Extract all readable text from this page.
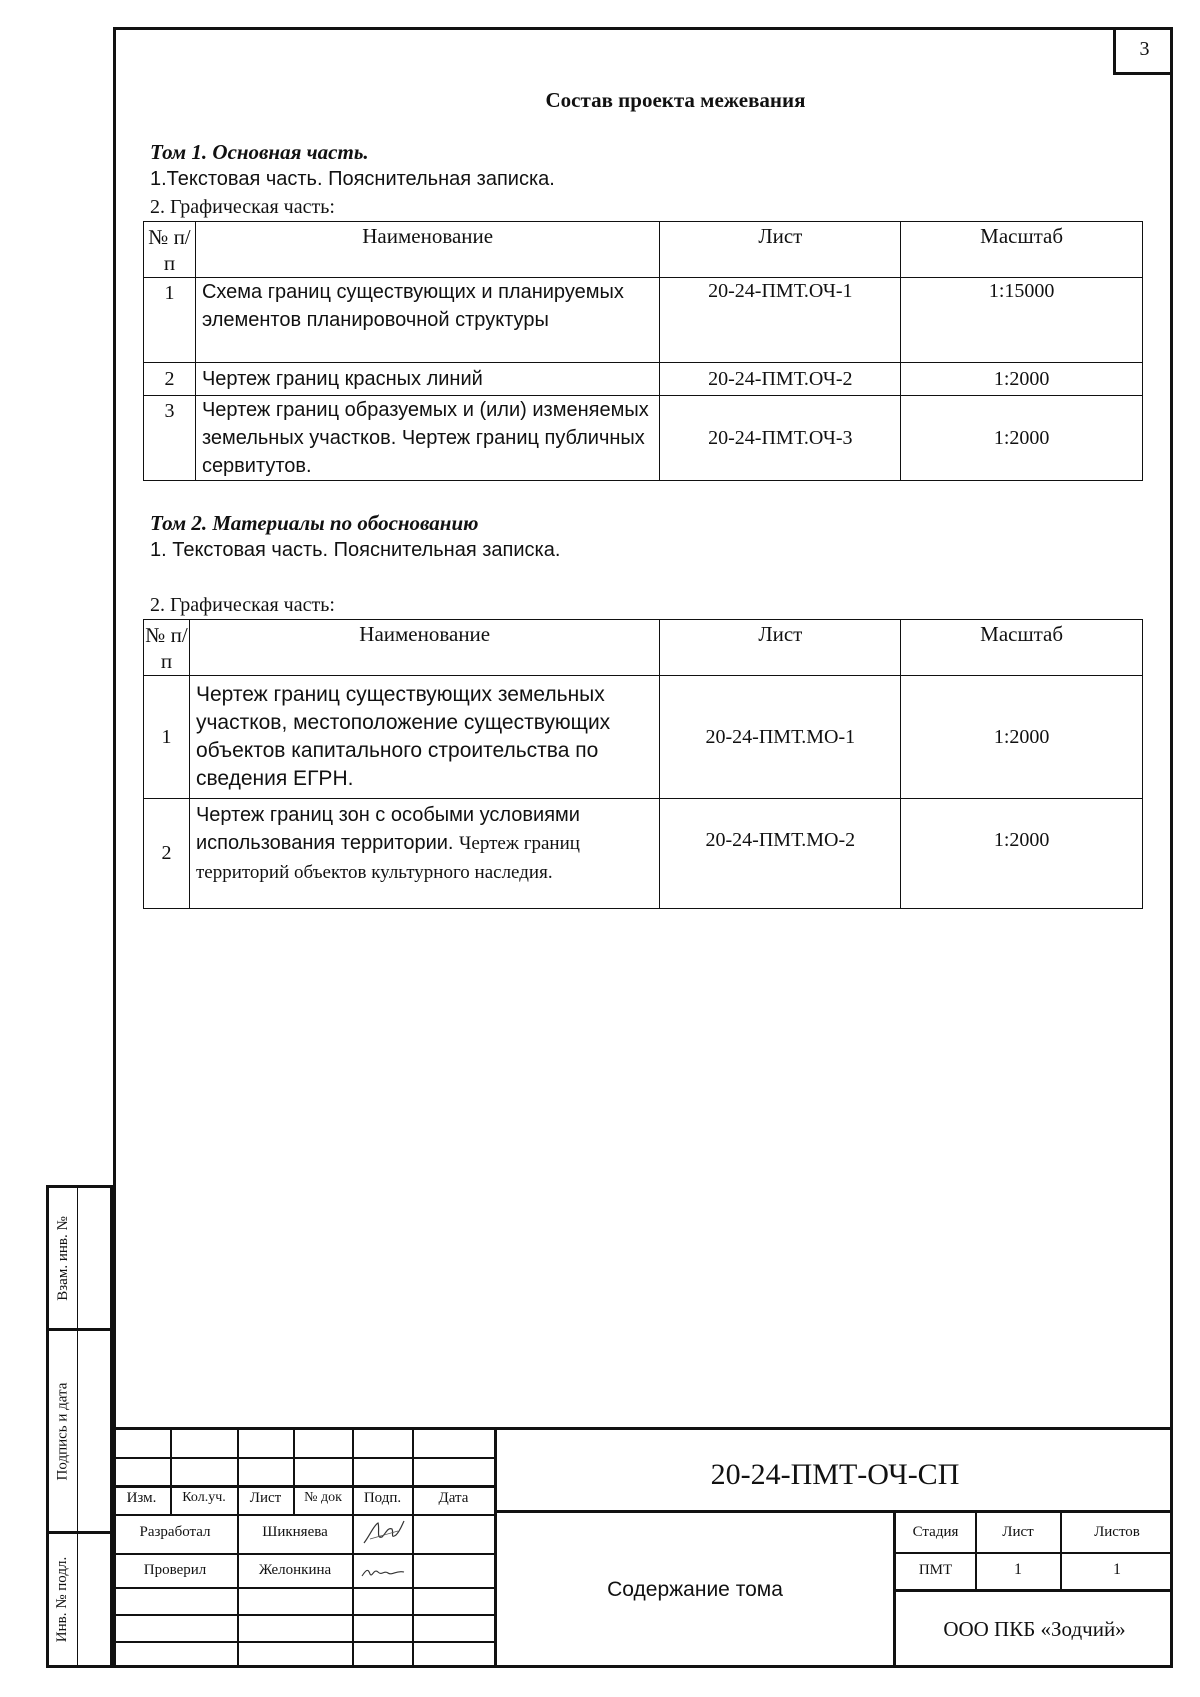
3
Состав проекта межевания
Том 1. Основная часть.
1.Текстовая часть. Пояснительная записка.
2. Графическая часть:
№ п/п	Наименование	Лист	Масштаб
1	Схема границ существующих и планируемых элементов планировочной структуры	20-24-ПМТ.ОЧ-1	1:15000
2	Чертеж границ красных линий	20-24-ПМТ.ОЧ-2	1:2000
3	Чертеж границ образуемых и (или) изменяемых земельных участков. Чертеж границ публичных сервитутов.	20-24-ПМТ.ОЧ-3	1:2000
Том 2. Материалы по обоснованию
1. Текстовая часть. Пояснительная записка.
2. Графическая часть:
№ п/п	Наименование	Лист	Масштаб
1	Чертеж границ существующих земельных участков, местоположение существующих объектов капитального строительства по сведения ЕГРН.	20-24-ПМТ.МО-1	1:2000
2	Чертеж границ зон с особыми условиями использования территории. Чертеж границ территорий объектов культурного наследия.	20-24-ПМТ.МО-2	1:2000
Взам. инв. №
Подпись и дата
Инв. № подл.
Изм.	Кол.уч.	Лист	№ док	Подп.	Дата
Разработал	Шикняева
Проверил	Желонкина
20-24-ПМТ-ОЧ-СП
Стадия	Лист	Листов
ПМТ	1	1
Содержание тома
ООО ПКБ «Зодчий»
